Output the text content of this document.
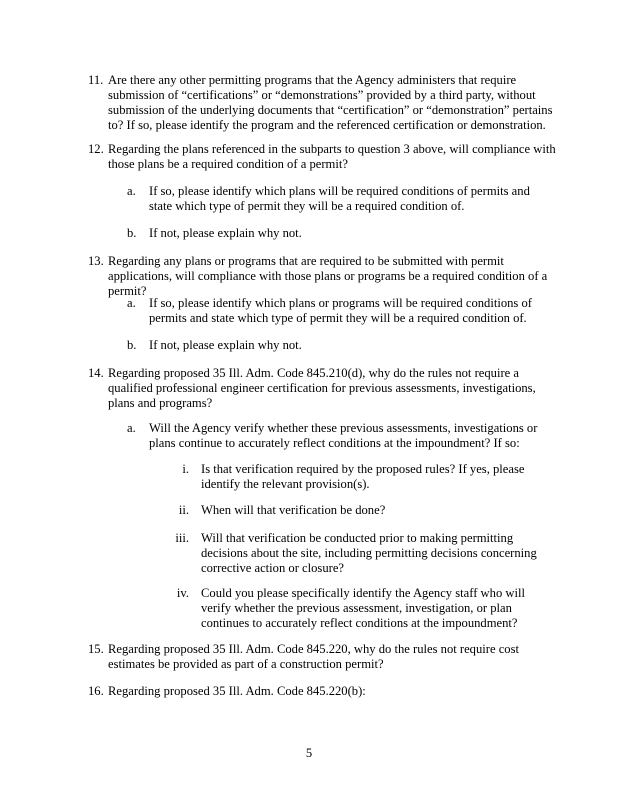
11. Are there any other permitting programs that the Agency administers that require submission of “certifications” or “demonstrations” provided by a third party, without submission of the underlying documents that “certification” or “demonstration” pertains to? If so, please identify the program and the referenced certification or demonstration.
12. Regarding the plans referenced in the subparts to question 3 above, will compliance with those plans be a required condition of a permit?
a.	If so, please identify which plans will be required conditions of permits and state which type of permit they will be a required condition of.
b. If not, please explain why not.
13. Regarding any plans or programs that are required to be submitted with permit applications, will compliance with those plans or programs be a required condition of a permit?
a.	If so, please identify which plans or programs will be required conditions of permits and state which type of permit they will be a required condition of.
b. If not, please explain why not.
14. Regarding proposed 35 Ill. Adm. Code 845.210(d), why do the rules not require a qualified professional engineer certification for previous assessments, investigations, plans and programs?
a.	Will the Agency verify whether these previous assessments, investigations or plans continue to accurately reflect conditions at the impoundment? If so:
i. Is that verification required by the proposed rules? If yes, please identify the relevant provision(s).
ii. When will that verification be done?
iii. Will that verification be conducted prior to making permitting decisions about the site, including permitting decisions concerning corrective action or closure?
iv. Could you please specifically identify the Agency staff who will verify whether the previous assessment, investigation, or plan continues to accurately reflect conditions at the impoundment?
15. Regarding proposed 35 Ill. Adm. Code 845.220, why do the rules not require cost estimates be provided as part of a construction permit?
16. Regarding proposed 35 Ill. Adm. Code 845.220(b):
5
